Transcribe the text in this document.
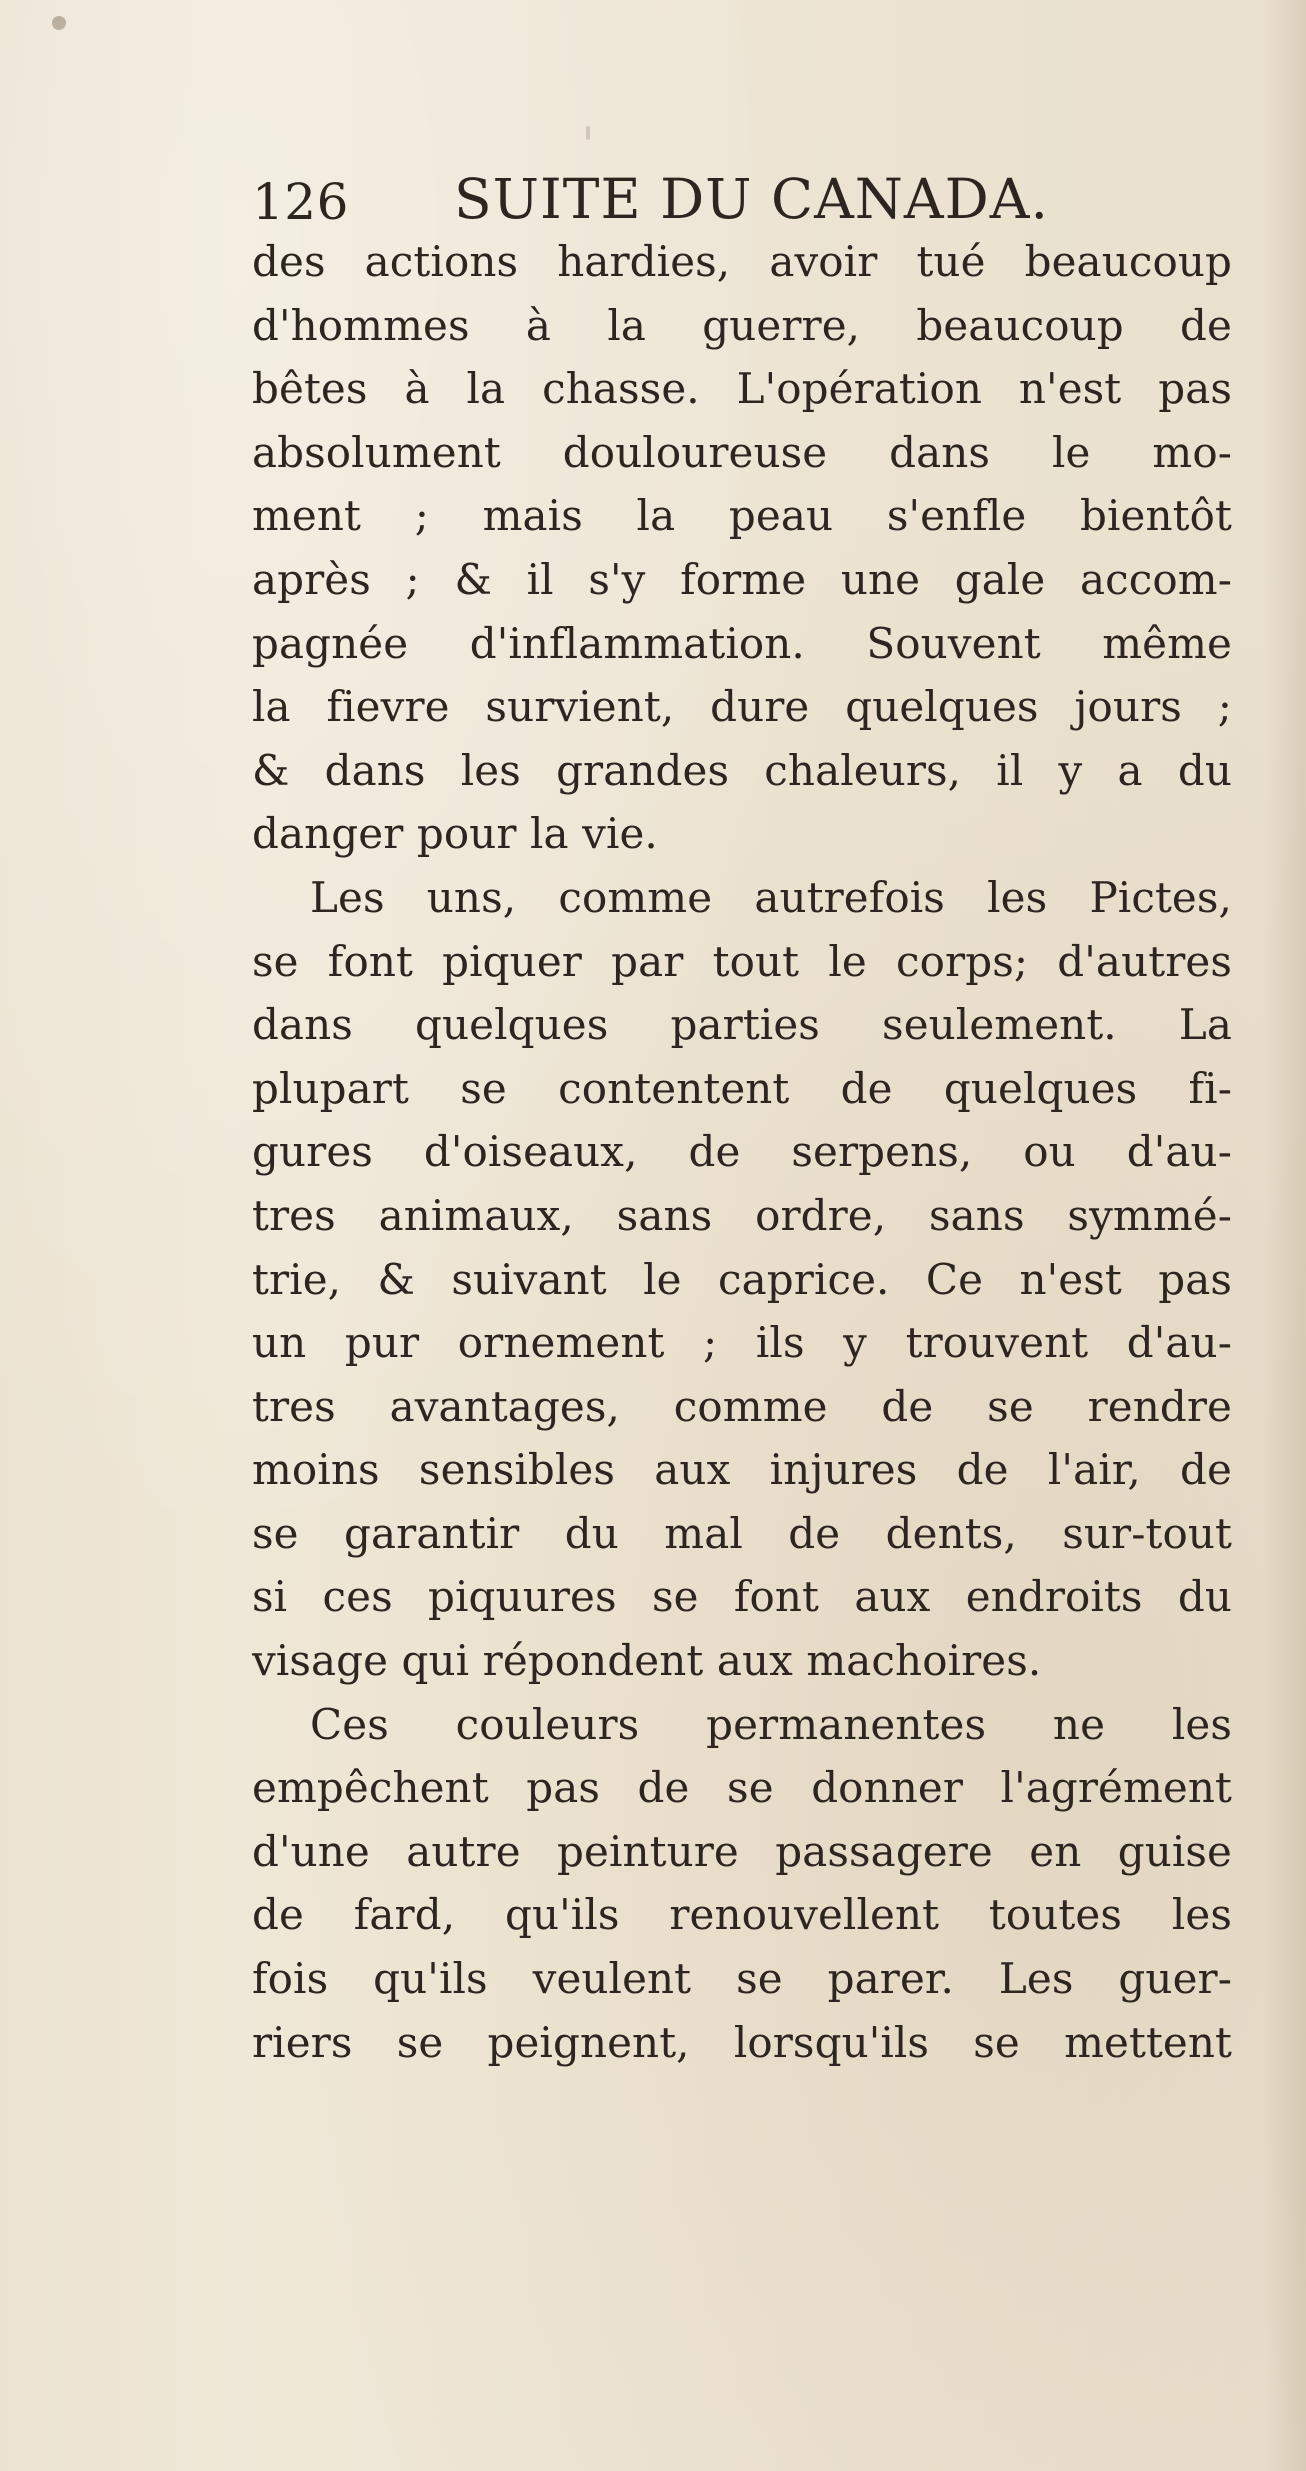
126 SUITE DU CANADA.
des actions hardies, avoir tué beaucoup
d'hommes à la guerre, beaucoup de
bêtes à la chasse. L'opération n'est pas
absolument douloureuse dans le mo-
ment ; mais la peau s'enfle bientôt
après ; & il s'y forme une gale accom-
pagnée d'inflammation. Souvent même
la fievre survient, dure quelques jours ;
& dans les grandes chaleurs, il y a du
danger pour la vie.
Les uns, comme autrefois les Pictes,
se font piquer par tout le corps; d'autres
dans quelques parties seulement. La
plupart se contentent de quelques fi-
gures d'oiseaux, de serpens, ou d'au-
tres animaux, sans ordre, sans symmé-
trie, & suivant le caprice. Ce n'est pas
un pur ornement ; ils y trouvent d'au-
tres avantages, comme de se rendre
moins sensibles aux injures de l'air, de
se garantir du mal de dents, sur-tout
si ces piquures se font aux endroits du
visage qui répondent aux machoires.
Ces couleurs permanentes ne les
empêchent pas de se donner l'agrément
d'une autre peinture passagere en guise
de fard, qu'ils renouvellent toutes les
fois qu'ils veulent se parer. Les guer-
riers se peignent, lorsqu'ils se mettent
